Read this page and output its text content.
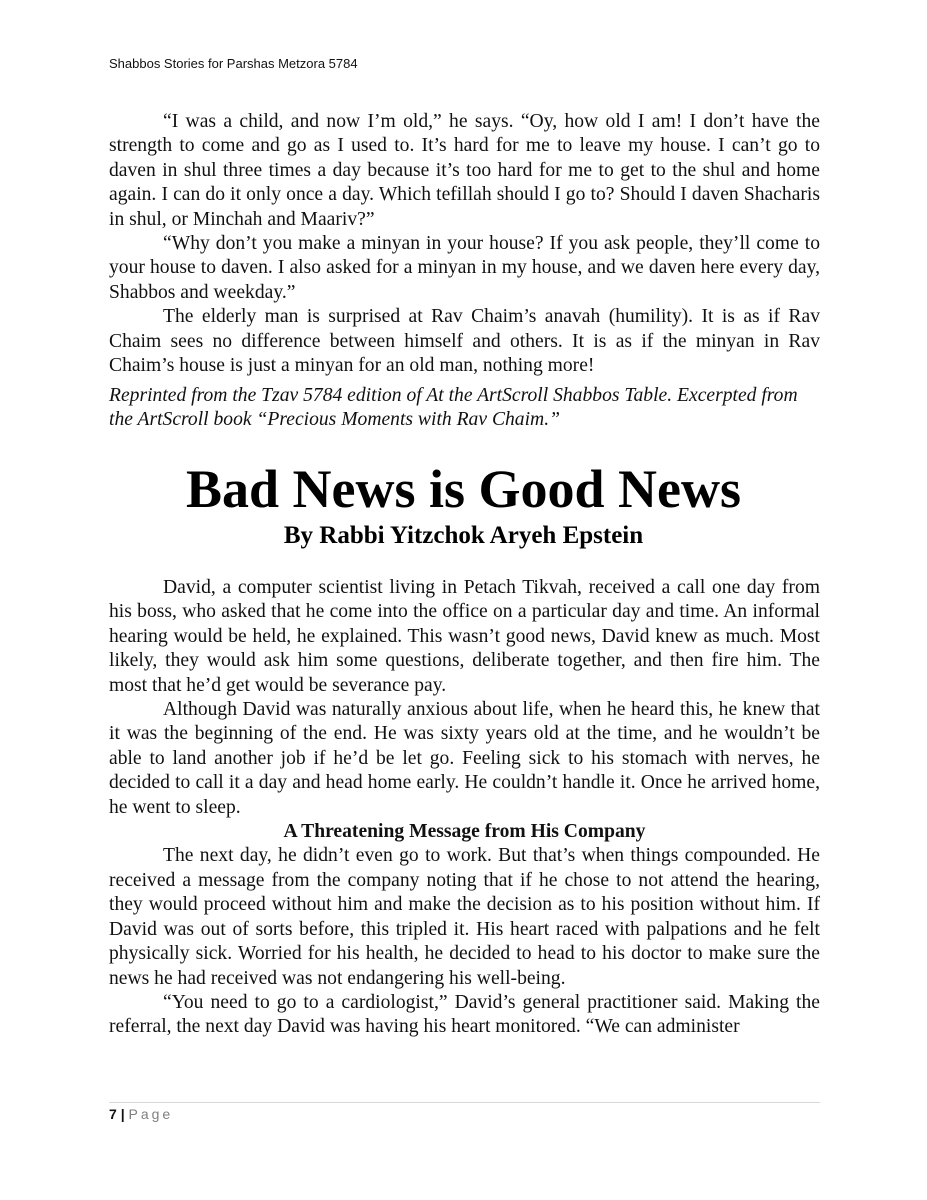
Shabbos Stories for Parshas Metzora 5784

“I was a child, and now I’m old,” he says. “Oy, how old I am! I don’t have the strength to come and go as I used to. It’s hard for me to leave my house. I can’t go to daven in shul three times a day because it’s too hard for me to get to the shul and home again. I can do it only once a day. Which tefillah should I go to? Should I daven Shacharis in shul, or Minchah and Maariv?”

“Why don’t you make a minyan in your house? If you ask people, they’ll come to your house to daven. I also asked for a minyan in my house, and we daven here every day, Shabbos and weekday.”

The elderly man is surprised at Rav Chaim’s anavah (humility). It is as if Rav Chaim sees no difference between himself and others. It is as if the minyan in Rav Chaim’s house is just a minyan for an old man, nothing more!

Reprinted from the Tzav 5784 edition of At the ArtScroll Shabbos Table. Excerpted from the ArtScroll book “Precious Moments with Rav Chaim.”

Bad News is Good News
By Rabbi Yitzchok Aryeh Epstein

David, a computer scientist living in Petach Tikvah, received a call one day from his boss, who asked that he come into the office on a particular day and time. An informal hearing would be held, he explained. This wasn’t good news, David knew as much. Most likely, they would ask him some questions, deliberate together, and then fire him. The most that he’d get would be severance pay.

Although David was naturally anxious about life, when he heard this, he knew that it was the beginning of the end. He was sixty years old at the time, and he wouldn’t be able to land another job if he’d be let go. Feeling sick to his stomach with nerves, he decided to call it a day and head home early. He couldn’t handle it. Once he arrived home, he went to sleep.

A Threatening Message from His Company

The next day, he didn’t even go to work. But that’s when things compounded. He received a message from the company noting that if he chose to not attend the hearing, they would proceed without him and make the decision as to his position without him. If David was out of sorts before, this tripled it. His heart raced with palpations and he felt physically sick. Worried for his health, he decided to head to his doctor to make sure the news he had received was not endangering his well-being.

“You need to go to a cardiologist,” David’s general practitioner said. Making the referral, the next day David was having his heart monitored. “We can administer

7 | Page
